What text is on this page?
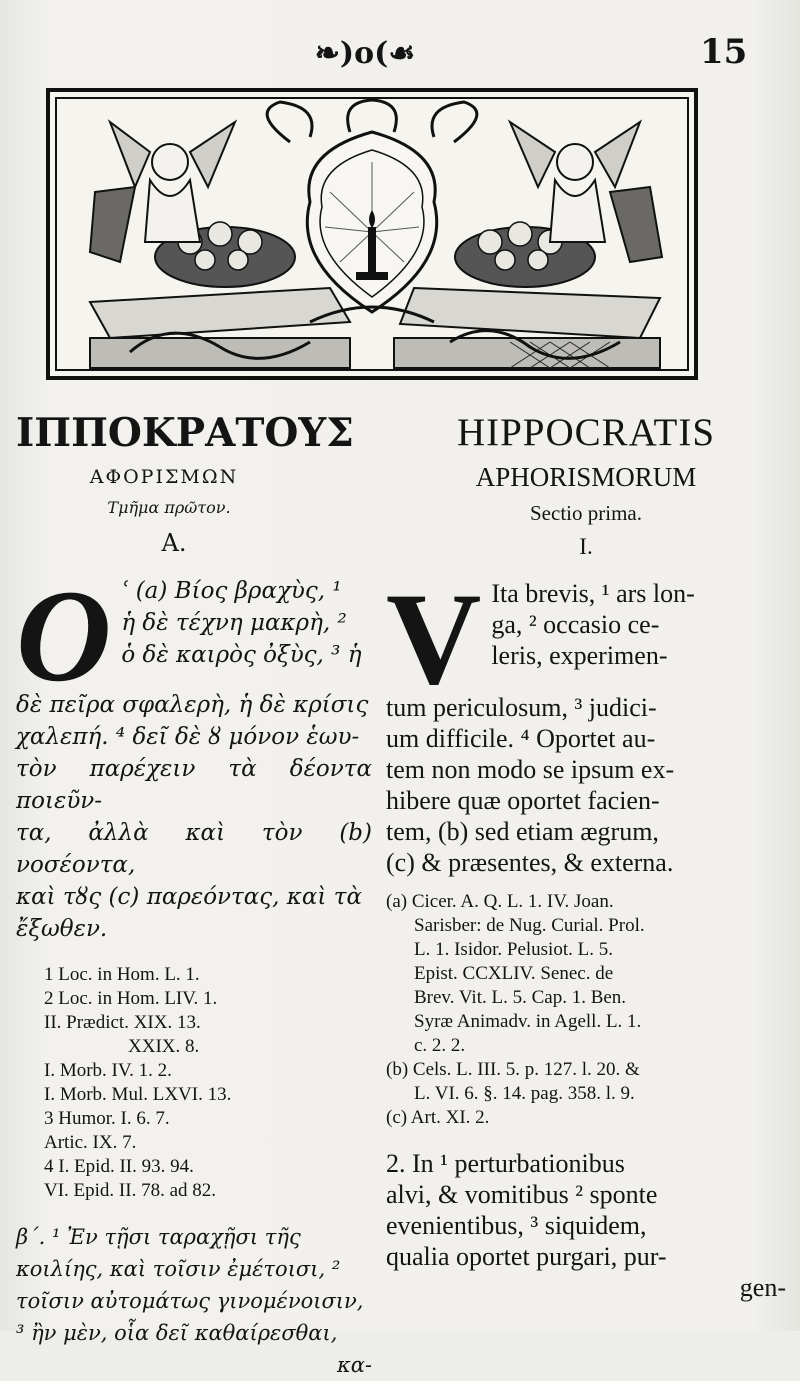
❧)o(☙	15
ΙΠΠΟΚΡΑΤΟΥΣ
ΑΦΟΡΙΣΜΩΝ
Τμῆμα πρῶτον.
Α.
O ʿ (a) Βίος βραχὺς, ¹
ἡ δὲ τέχνη μακρὴ, ²
ὁ δὲ καιρὸς ὀξὺς, ³ ἡ
δὲ πεῖρα σφαλερὴ, ἡ δὲ κρίσις
χαλεπή. ⁴ δεῖ δὲ ȣ μόνον ἑωυ-
τὸν παρέχειν τὰ δέοντα ποιεῦν-
τα, ἀλλὰ καὶ τὸν (b) νοσέοντα,
καὶ τȣς (c) παρεόντας, καὶ τὰ
ἔξωθεν.
1 Loc. in Hom. L. 1.
2 Loc. in Hom. LIV. 1.
II. Prædict. XIX. 13.
XXIX. 8.
I. Morb. IV. 1. 2.
I. Morb. Mul. LXVI. 13.
3 Humor. I. 6. 7.
Artic. IX. 7.
4 I. Epid. II. 93. 94.
VI. Epid. II. 78. ad 82.
β΄. ¹ Ἐν τῇσι ταραχῇσι τῆς
κοιλίης, καὶ τοῖσιν ἐμέτοισι, ²
τοῖσιν αὐτομάτως γινομένοισιν,
³ ἢν μὲν, οἷα δεῖ καθαίρεσθαι,
κα-
HIPPOCRATIS
APHORISMORUM
Sectio prima.
I.
V Ita brevis, ¹ ars lon-
ga, ² occasio ce-
leris, experimen-
tum periculosum, ³ judici-
um difficile. ⁴ Oportet au-
tem non modo se ipsum ex-
hibere quæ oportet facien-
tem, (b) sed etiam ægrum,
(c) & præsentes, & externa.
(a) Cicer. A. Q. L. 1. IV. Joan.
Sarisber: de Nug. Curial. Prol.
L. 1. Isidor. Pelusiot. L. 5.
Epist. CCXLIV. Senec. de
Brev. Vit. L. 5. Cap. 1. Ben.
Syræ Animadv. in Agell. L. 1.
c. 2. 2.
(b) Cels. L. III. 5. p. 127. l. 20. &
L. VI. 6. §. 14. pag. 358. l. 9.
(c) Art. XI. 2.
2. In ¹ perturbationibus
alvi, & vomitibus ² sponte
evenientibus, ³ siquidem,
qualia oportet purgari, pur-
gen-
